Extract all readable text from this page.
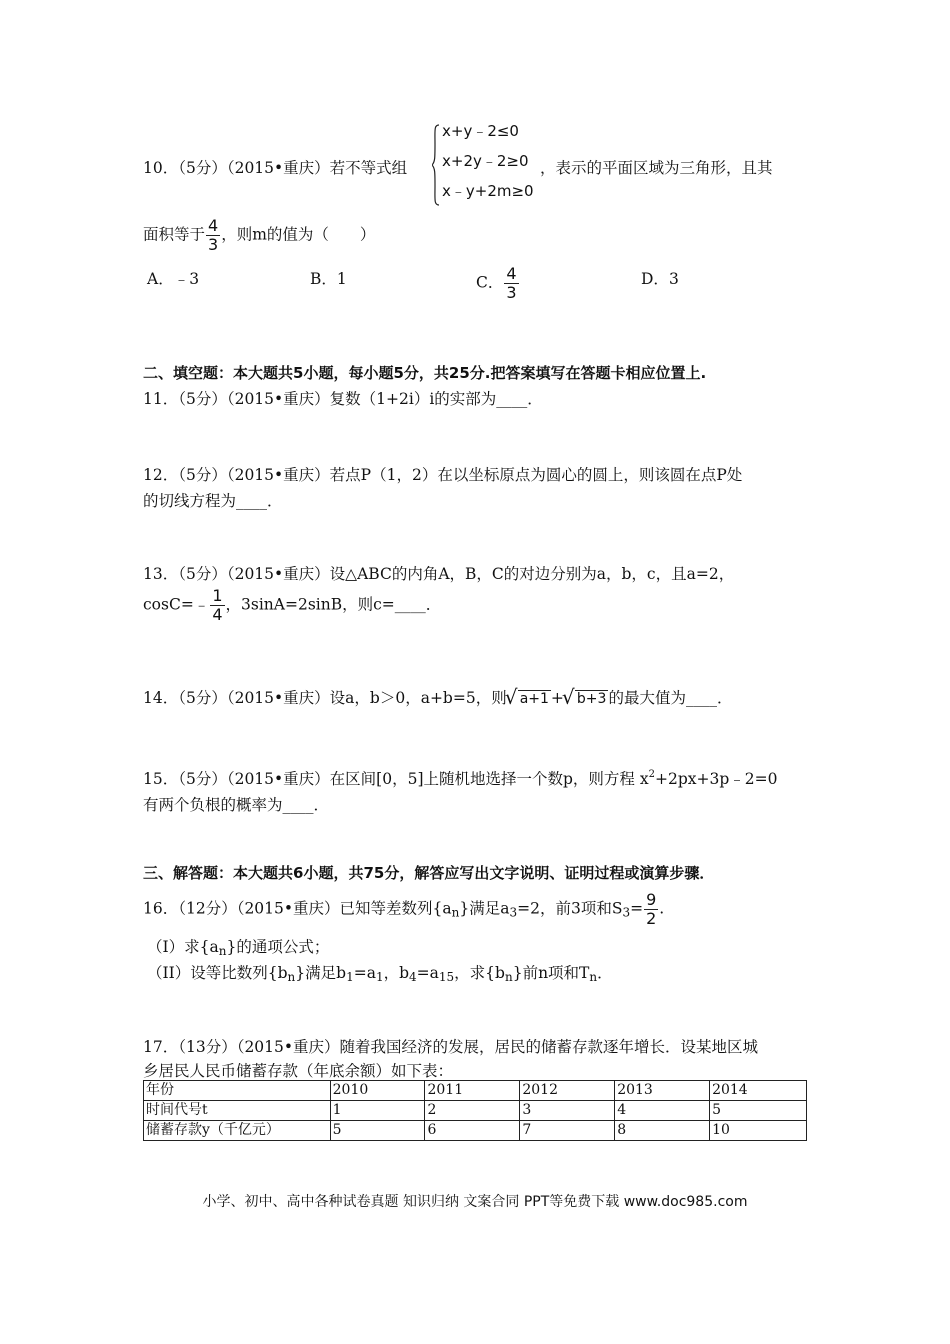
10．（5分）（2015•重庆）若不等式组
x+y﹣2≤0
x+2y﹣2≥0
x﹣y+2m≥0
，表示的平面区域为三角形，且其
面积等于 $\frac{4}{3}$ ，则m的值为（　　）
A．﹣3	B．1	C． $\frac{4}{3}$	D．3
二、填空题：本大题共5小题，每小题5分，共25分.把答案填写在答题卡相应位置上.
11．（5分）（2015•重庆）复数（1+2i）i的实部为____．
12．（5分）（2015•重庆）若点P（1，2）在以坐标原点为圆心的圆上，则该圆在点P处
的切线方程为____．
13．（5分）（2015•重庆）设△ABC的内角A，B，C的对边分别为a，b，c，且a=2，
cosC=﹣ $\frac{1}{4}$ ，3sinA=2sinB，则c=____．
14．（5分）（2015•重庆）设a，b＞0，a+b=5，则 √ a+1 + √ b+3 的最大值为____．
15．（5分）（2015•重庆）在区间[0，5]上随机地选择一个数p，则方程 $x^2+2px+3p﹣2=0$
有两个负根的概率为____．
三、解答题：本大题共6小题，共75分，解答应写出文字说明、证明过程或演算步骤．
16．（12分）（2015•重庆）已知等差数列{an}满足a3=2，前3项和$S3= \frac{9}{2}$ .
（I）求{an}的通项公式；
（II）设等比数列{bn}满足b1=a1，b4=a15，求{bn}前n项和Tn．
17．（13分）（2015•重庆）随着我国经济的发展，居民的储蓄存款逐年增长．设某地区城
乡居民人民币储蓄存款（年底余额）如下表：
年份	2010	2011	2012	2013	2014
时间代号t	1	2	3	4	5
储蓄存款y（千亿元）	5	6	7	8	10
小学、初中、高中各种试卷真题 知识归纳 文案合同 PPT等免费下载 www.doc985.com
